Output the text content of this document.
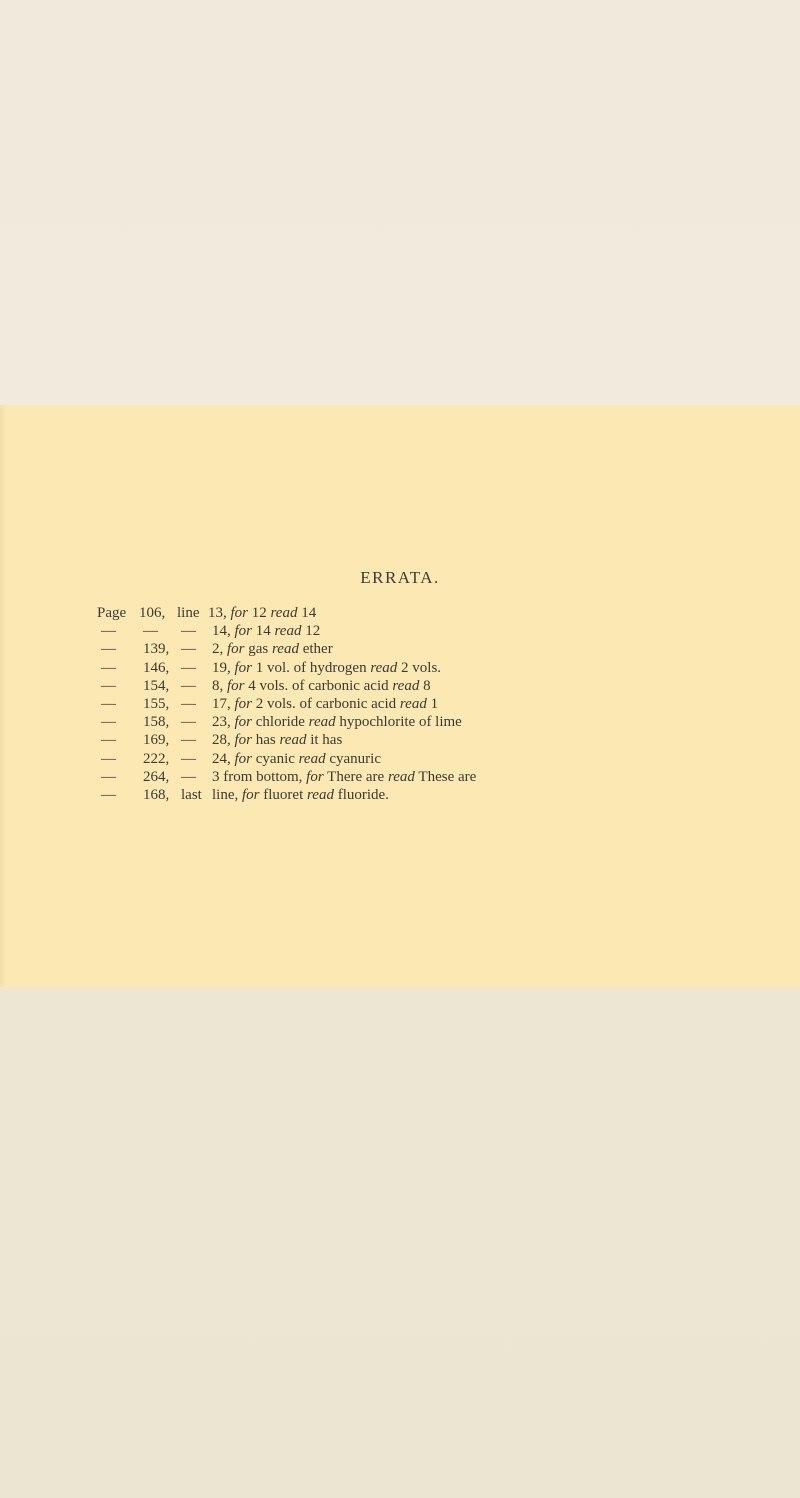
ERRATA.
Page 106, line 13, for 12 read 14
— — — 14, for 14 read 12
— 139, — 2, for gas read ether
— 146, — 19, for 1 vol. of hydrogen read 2 vols.
— 154, — 8, for 4 vols. of carbonic acid read 8
— 155, — 17, for 2 vols. of carbonic acid read 1
— 158, — 23, for chloride read hypochlorite of lime
— 169, — 28, for has read it has
— 222, — 24, for cyanic read cyanuric
— 264, — 3 from bottom, for There are read These are
— 168, last line, for fluoret read fluoride.
